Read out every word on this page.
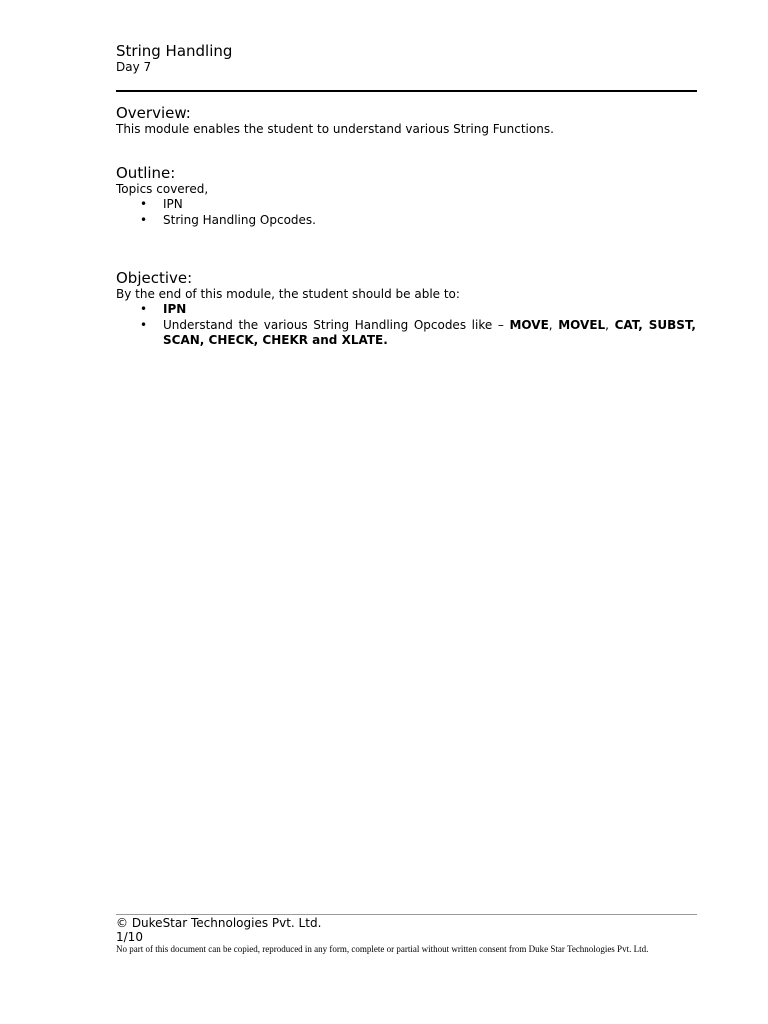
String Handling
Day 7
Overview:
This module enables the student to understand various String Functions.
Outline:
Topics covered,
• IPN
• String Handling Opcodes.
Objective:
By the end of this module, the student should be able to:
• IPN
• Understand the various String Handling Opcodes like – MOVE, MOVEL, CAT, SUBST, SCAN, CHECK, CHEKR and XLATE.
© DukeStar Technologies Pvt. Ltd.
1/10
No part of this document can be copied, reproduced in any form, complete or partial without written consent from Duke Star Technologies Pvt. Ltd.
